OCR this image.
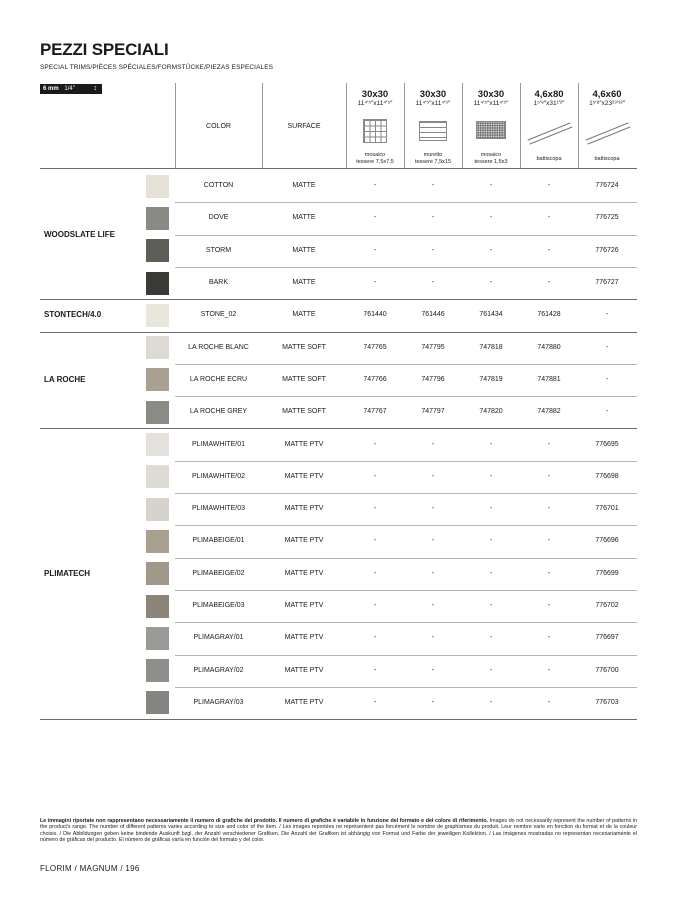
PEZZI SPECIALI
SPECIAL TRIMS/PIÈCES SPÉCIALES/FORMSTÜCKE/PIEZAS ESPECIALES
6 mm 1/4"	↕
COLOR	SURFACE
30x30
11⁴′⁵″x11⁴′⁵″
mosaico
tessere 7,5x7,5
30x30
11⁴′⁵″x11⁴′⁵″
muretto
tessere 7,5x15
30x30
11⁴′⁵″x11⁴′⁵″
mosaico
tessere 1,5x3
4,6x80
1⁵′⁸″x31¹′²″
battiscopa
4,6x60
1⁵′⁸″x23²⁹′³²″
battiscopa
COTTON	MATTE	-	-	-	-	776724
DOVE	MATTE	-	-	-	-	776725
STORM	MATTE	-	-	-	-	776726
BARK	MATTE	-	-	-	-	776727
WOODSLATE LIFE
STONE_02	MATTE	761440	761446	761434	761428	-
STONTECH/4.0
LA ROCHE BLANC	MATTE SOFT	747765	747795	747818	747880	-
LA ROCHE ECRU	MATTE SOFT	747766	747796	747819	747881	-
LA ROCHE GREY	MATTE SOFT	747767	747797	747820	747882	-
LA ROCHE
PLIMAWHITE/01	MATTE PTV	-	-	-	-	776695
PLIMAWHITE/02	MATTE PTV	-	-	-	-	776698
PLIMAWHITE/03	MATTE PTV	-	-	-	-	776701
PLIMABEIGE/01	MATTE PTV	-	-	-	-	776696
PLIMABEIGE/02	MATTE PTV	-	-	-	-	776699
PLIMABEIGE/03	MATTE PTV	-	-	-	-	776702
PLIMAGRAY/01	MATTE PTV	-	-	-	-	776697
PLIMAGRAY/02	MATTE PTV	-	-	-	-	776700
PLIMAGRAY/03	MATTE PTV	-	-	-	-	776703
PLIMATECH
Le immagini riportate non rappresentano necessariamente il numero di grafiche del prodotto. Il numero di grafiche è variabile in funzione del formato e del colore di riferimento. Images do not necessarily represent the number of patterns in the product's range. The number of different patterns varies according to size and color of the item. / Les images reportées ne représentent pas forcément le nombre de graphismes du produit. Leur nombre varie en fonction du format et de la couleur choisis. / Die Abbildungen geben keine bindende Auskunft bzgl. der Anzahl verschiedener Grafiken. Die Anzahl der Grafiken ist abhängig von Format und Farbe der jeweiligen Kollektion. / Las imágenes mostradas no representan necesariamente el número de gráficas del producto. El número de gráficas varía en función del formato y del color.
FLORIM / MAGNUM / 196
